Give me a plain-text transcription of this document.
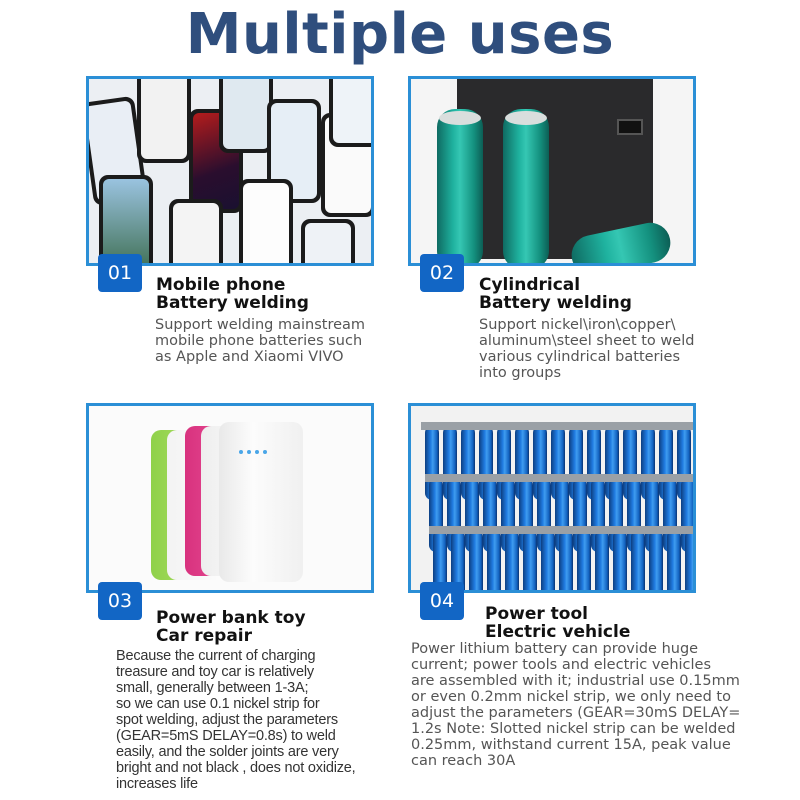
Multiple uses
01
Mobile phone
Battery welding
Support welding mainstream
mobile phone batteries such
as Apple and Xiaomi VIVO
02
Cylindrical
Battery welding
Support nickel\iron\copper\
aluminum\steel sheet to weld
various cylindrical batteries
into groups
03
Power bank toy
Car repair
Because the current of charging
treasure and toy car is relatively
small, generally between 1-3A;
so we can use 0.1 nickel strip for
spot welding, adjust the parameters
(GEAR=5mS DELAY=0.8s) to weld
easily, and the solder joints are very
bright and not black , does not oxidize,
increases life
04
Power tool
Electric vehicle
Power lithium battery can provide huge
current; power tools and electric vehicles
are assembled with it; industrial use 0.15mm
or even 0.2mm nickel strip, we only need to
adjust the parameters (GEAR=30mS DELAY=
1.2s Note: Slotted nickel strip can be welded
0.25mm, withstand current 15A, peak value
can reach 30A
